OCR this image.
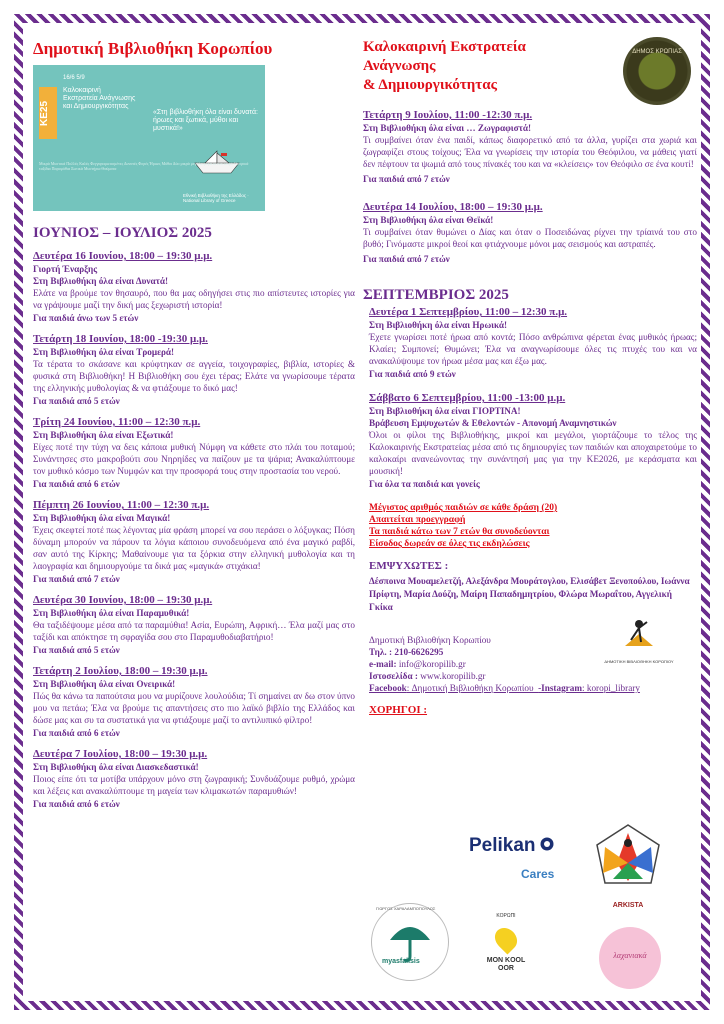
Δημοτική Βιβλιοθήκη Κορωπίου
ΚΕ25
16/6 5/9
Καλοκαιρινή
Εκστρατεία Ανάγνωσης
και Δημιουργικότητας
«Στη βιβλιοθήκη όλα είναι δυνατά: ήρωες και ξωτικά, μύθοι και μυστικά!»
Μικρά Μυστικά Πολλές Καλές Φεγγαροφωτισμένες Δυνατές Φορές Ήρωες Μύθοι Δύο μικρά μεγάλα φορά κι ένα καιρό Ονειρικά ταξίδια Παραμύθια Ξωτικά Μυστήρια Θαύματα
Εθνική Βιβλιοθήκη της Ελλάδος · National Library of Greece
ΙΟΥΝΙΟΣ – ΙΟΥΛΙΟΣ 2025
Δευτέρα 16 Ιουνίου, 18:00 – 19:30 μ.μ.
Γιορτή Έναρξης
Στη Βιβλιοθήκη όλα είναι Δυνατά!
Ελάτε να βρούμε τον θησαυρό, που θα μας οδηγήσει στις πιο απίστευτες ιστορίες για να γράψουμε μαζί την δική μας ξεχωριστή ιστορία!
Για παιδιά άνω των 5 ετών
Τετάρτη 18 Ιουνίου, 18:00 -19:30 μ.μ.
Στη Βιβλιοθήκη όλα είναι Τρομερά!
Τα τέρατα το σκάσανε και κρύφτηκαν σε αγγεία, τοιχογραφίες, βιβλία, ιστορίες & φυσικά στη Βιβλιοθήκη! Η Βιβλιοθήκη σου έχει τέρας; Ελάτε να γνωρίσουμε τέρατα της ελληνικής μυθολογίας & να φτιάξουμε το δικό μας!
Για παιδιά από 5 ετών
Τρίτη 24 Ιουνίου, 11:00 – 12:30 π.μ.
Στη Βιβλιοθήκη όλα είναι Εξωτικά!
Είχες ποτέ την τύχη να δεις κάποια μυθική Νύμφη να κάθετε στο πλάι του ποταμού; Συνάντησες στο μακροβούτι σου Νηρηίδες να παίζουν με τα ψάρια; Ανακαλύπτουμε τον μυθικό κόσμο των Νυμφών και την προσφορά τους στην προστασία του νερού.
Για παιδιά από 6 ετών
Πέμπτη 26 Ιουνίου, 11:00 – 12:30 π.μ.
Στη Βιβλιοθήκη όλα είναι Μαγικά!
Έχεις σκεφτεί ποτέ πως λέγοντας μία φράση μπορεί να σου περάσει ο λόξυγκας; Πόση δύναμη μπορούν να πάρουν τα λόγια κάποιου συνοδευόμενα από ένα μαγικό ραβδί, σαν αυτό της Κίρκης; Μαθαίνουμε για τα ξόρκια στην ελληνική μυθολογία και τη λαογραφία και δημιουργούμε τα δικά μας «μαγικά» στιχάκια!
Για παιδιά από 7 ετών
Δευτέρα 30 Ιουνίου, 18:00 – 19:30 μ.μ.
Στη Βιβλιοθήκη όλα είναι Παραμυθικά!
Θα ταξιδέψουμε μέσα από τα παραμύθια! Ασία, Ευρώπη, Αφρική… Έλα μαζί μας στο ταξίδι και απόκτησε τη σφραγίδα σου στο Παραμυθοδιαβατήριο!
Για παιδιά από 5 ετών
Τετάρτη 2 Ιουλίου, 18:00 – 19:30 μ.μ.
Στη Βιβλιοθήκη όλα είναι Ονειρικά!
Πώς θα κάνω τα παπούτσια μου να μυρίζουνε λουλούδια; Τί σημαίνει αν δω στον ύπνο μου να πετάω; Έλα να βρούμε τις απαντήσεις στο πιο λαϊκό βιβλίο της Ελλάδος και δώσε μας και συ τα συστατικά για να φτιάξουμε μαζί το αντιλυπικό φίλτρο!
Για παιδιά από 6 ετών
Δευτέρα 7 Ιουλίου, 18:00 – 19:30 μ.μ.
Στη Βιβλιοθήκη όλα είναι Διασκεδαστικά!
Ποιος είπε ότι τα μοτίβα υπάρχουν μόνο στη ζωγραφική; Συνδυάζουμε ρυθμό, χρώμα και λέξεις και ανακαλύπτουμε τη μαγεία των κλιμακωτών παραμυθιών!
Για παιδιά από 6 ετών
Καλοκαιρινή Εκστρατεία
Ανάγνωσης
& Δημιουργικότητας
ΔΗΜΟΣ ΚΡΩΠΙΑΣ
Τετάρτη 9 Ιουλίου, 11:00 -12:30 π.μ.
Στη Βιβλιοθήκη όλα είναι … Ζωγραφιστά!
Τι συμβαίνει όταν ένα παιδί, κάπως διαφορετικό από τα άλλα, γυρίζει στα χωριά και ζωγραφίζει στους τοίχους; Έλα να γνωρίσεις την ιστορία του Θεόφιλου, να μάθεις γιατί δεν πέφτουν τα ψωμιά από τους πίνακές του και να «κλείσεις» τον Θεόφιλο σε ένα κουτί!
Για παιδιά από 7 ετών
Δευτέρα 14 Ιουλίου, 18:00 – 19:30 μ.μ.
Στη Βιβλιοθήκη όλα είναι Θεϊκά!
Τι συμβαίνει όταν θυμώνει ο Δίας και όταν ο Ποσειδώνας ρίχνει την τρίαινά του στο βυθό; Γινόμαστε μικροί θεοί και φτιάχνουμε μόνοι μας σεισμούς και αστραπές.
Για παιδιά από 7 ετών
ΣΕΠΤΕΜΒΡΙΟΣ 2025
Δευτέρα 1 Σεπτεμβρίου, 11:00 – 12:30 π.μ.
Στη Βιβλιοθήκη όλα είναι Ηρωικά!
Έχετε γνωρίσει ποτέ ήρωα από κοντά; Πόσο ανθρώπινα φέρεται ένας μυθικός ήρωας; Κλαίει; Συμπονεί; Θυμώνει; Έλα να αναγνωρίσουμε όλες τις πτυχές του και να ανακαλύψουμε τον ήρωα μέσα μας και έξω μας.
Για παιδιά από 9 ετών
Σάββατο 6 Σεπτεμβρίου, 11:00 -13:00 μ.μ.
Στη Βιβλιοθήκη όλα είναι ΓΙΟΡΤΙΝΑ!
Βράβευση Εμψυχωτών & Εθελοντών - Απονομή Αναμνηστικών
Όλοι οι φίλοι της Βιβλιοθήκης, μικροί και μεγάλοι, γιορτάζουμε το τέλος της Καλοκαιρινής Εκστρατείας μέσα από τις δημιουργίες των παιδιών και αποχαιρετούμε το καλοκαίρι ανανεώνοντας την συνάντησή μας για την ΚΕ2026, με κεράσματα και μουσική!
Για όλα τα παιδιά και γονείς
Μέγιστος αριθμός παιδιών σε κάθε δράση (20)
Απαιτείται προεγγραφή
Τα παιδιά κάτω των 7 ετών θα συνοδεύονται
Είσοδος δωρεάν σε όλες τις εκδηλώσεις
ΕΜΨΥΧΩΤΕΣ :
Δέσποινα Μουαμελετζή, Αλεξάνδρα Μουράτογλου, Ελισάβετ Ξενοπούλου, Ιωάννα Πρίφτη, Μαρία Δούζη, Μαίρη Παπαδημητρίου, Φλώρα Μωραΐτου, Αγγελική Γκίκα
Δημοτική Βιβλιοθήκη Κορωπίου
Τηλ. : 210-6626295
e-mail: info@koropilib.gr
Ιστοσελίδα : www.koropilib.gr
Facebook: Δημοτική Βιβλιοθήκη Κορωπίου -Instagram: koropi_library
ΔΗΜΟΤΙΚΗ ΒΙΒΛΙΟΘΗΚΗ ΚΟΡΩΠΙΟΥ
ΧΟΡΗΓΟΙ :
Pelikan
Cares
ARKISTA
myasfalisis
ΓΙΩΡΓΟΣ ΧΑΡΑΛΑΜΠΟΠΟΥΛΟΣ
ΚΟΡΩΠΙ
MON KOOL OOR
λαχανιακά
